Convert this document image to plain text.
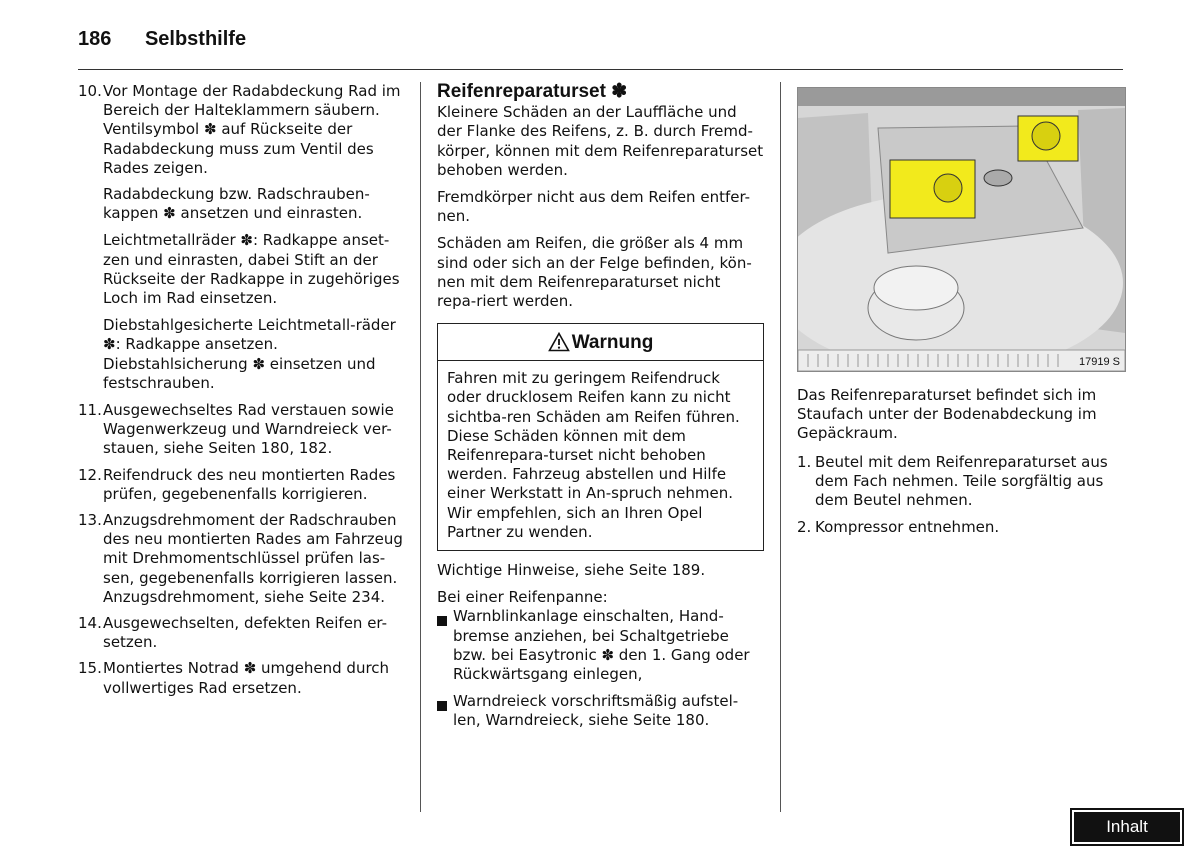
186 Selbsthilfe
10. Vor Montage der Radabdeckung Rad im Bereich der Halteklammern säubern. Ventilsymbol ✽ auf Rückseite der Radabdeckung muss zum Ventil des Rades zeigen.
Radabdeckung bzw. Radschrauben-kappen ✽ ansetzen und einrasten.
Leichtmetallräder ✽: Radkappe anset-zen und einrasten, dabei Stift an der Rückseite der Radkappe in zugehöriges Loch im Rad einsetzen.
Diebstahlgesicherte Leichtmetall-räder ✽: Radkappe ansetzen. Diebstahlsicherung ✽ einsetzen und festschrauben.
11. Ausgewechseltes Rad verstauen sowie Wagenwerkzeug und Warndreieck ver-stauen, siehe Seiten 180, 182.
12. Reifendruck des neu montierten Rades prüfen, gegebenenfalls korrigieren.
13. Anzugsdrehmoment der Radschrauben des neu montierten Rades am Fahrzeug mit Drehmomentschlüssel prüfen las-sen, gegebenenfalls korrigieren lassen. Anzugsdrehmoment, siehe Seite 234.
14. Ausgewechselten, defekten Reifen er-setzen.
15. Montiertes Notrad ✽ umgehend durch vollwertiges Rad ersetzen.
Reifenreparaturset ✽

Kleinere Schäden an der Lauffläche und der Flanke des Reifens, z. B. durch Fremd-körper, können mit dem Reifenreparaturset behoben werden.

Fremdkörper nicht aus dem Reifen entfer-nen.

Schäden am Reifen, die größer als 4 mm sind oder sich an der Felge befinden, kön-nen mit dem Reifenreparaturset nicht repa-riert werden.

Warnung
Fahren mit zu geringem Reifendruck oder drucklosem Reifen kann zu nicht sichtba-ren Schäden am Reifen führen. Diese Schäden können mit dem Reifenrepara-turset nicht behoben werden. Fahrzeug abstellen und Hilfe einer Werkstatt in An-spruch nehmen. Wir empfehlen, sich an Ihren Opel Partner zu wenden.

Wichtige Hinweise, siehe Seite 189.

Bei einer Reifenpanne:

Warnblinkanlage einschalten, Hand-bremse anziehen, bei Schaltgetriebe bzw. bei Easytronic ✽ den 1. Gang oder Rückwärtsgang einlegen,
Warndreieck vorschriftsmäßig aufstel-len, Warndreieck, siehe Seite 180.
17919 S

Das Reifenreparaturset befindet sich im Staufach unter der Bodenabdeckung im Gepäckraum.

1. Beutel mit dem Reifenreparaturset aus dem Fach nehmen. Teile sorgfältig aus dem Beutel nehmen.
2. Kompressor entnehmen.
Inhalt
